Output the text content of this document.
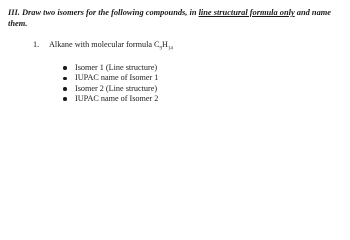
III. Draw two isomers for the following compounds, in line structural formula only and name them.
1. Alkane with molecular formula $C_9H_{14}$
Isomer 1 (Line structure)
IUPAC name of Isomer 1
Isomer 2 (Line structure)
IUPAC name of Isomer 2
